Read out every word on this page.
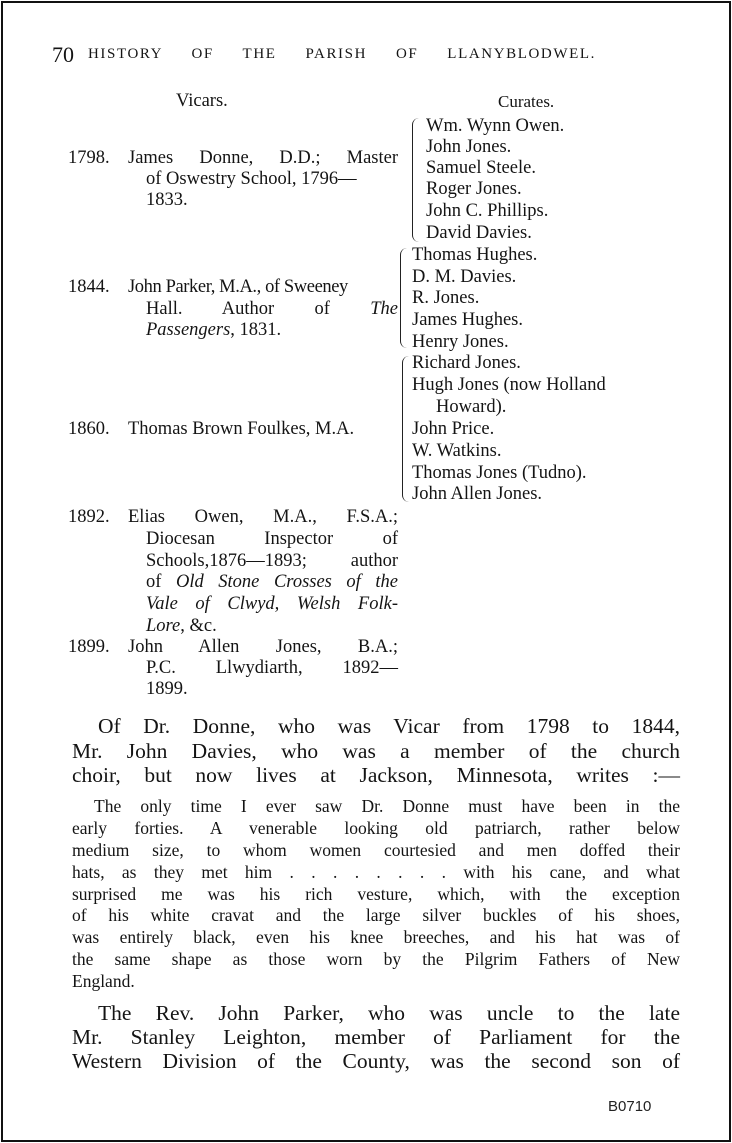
70 HISTORY OF THE PARISH OF LLANYBLODWEL.
Vicars.	Curates.
1798. James Donne, D.D.; Master
of Oswestry School, 1796—
1833.
Wm. Wynn Owen.
John Jones.
Samuel Steele.
Roger Jones.
John C. Phillips.
David Davies.
1844. John Parker, M.A., of Sweeney
Hall. Author of The
Passengers, 1831.
Thomas Hughes.
D. M. Davies.
R. Jones.
James Hughes.
Henry Jones.
1860. Thomas Brown Foulkes, M.A.
Richard Jones.
Hugh Jones (now Holland
Howard).
John Price.
W. Watkins.
Thomas Jones (Tudno).
John Allen Jones.
1892. Elias Owen, M.A., F.S.A.;
Diocesan Inspector of
Schools,1876—1893; author
of Old Stone Crosses of the
Vale of Clwyd, Welsh Folk-
Lore, &c.
1899. John Allen Jones, B.A.;
P.C. Llwydiarth, 1892—
1899.
Of Dr. Donne, who was Vicar from 1798 to 1844,
Mr. John Davies, who was a member of the church
choir, but now lives at Jackson, Minnesota, writes :—
The only time I ever saw Dr. Donne must have been in the
early forties. A venerable looking old patriarch, rather below
medium size, to whom women courtesied and men doffed their
hats, as they met him . . . . . . . . with his cane, and what
surprised me was his rich vesture, which, with the exception
of his white cravat and the large silver buckles of his shoes,
was entirely black, even his knee breeches, and his hat was of
the same shape as those worn by the Pilgrim Fathers of New
England.
The Rev. John Parker, who was uncle to the late
Mr. Stanley Leighton, member of Parliament for the
Western Division of the County, was the second son of
B0710
